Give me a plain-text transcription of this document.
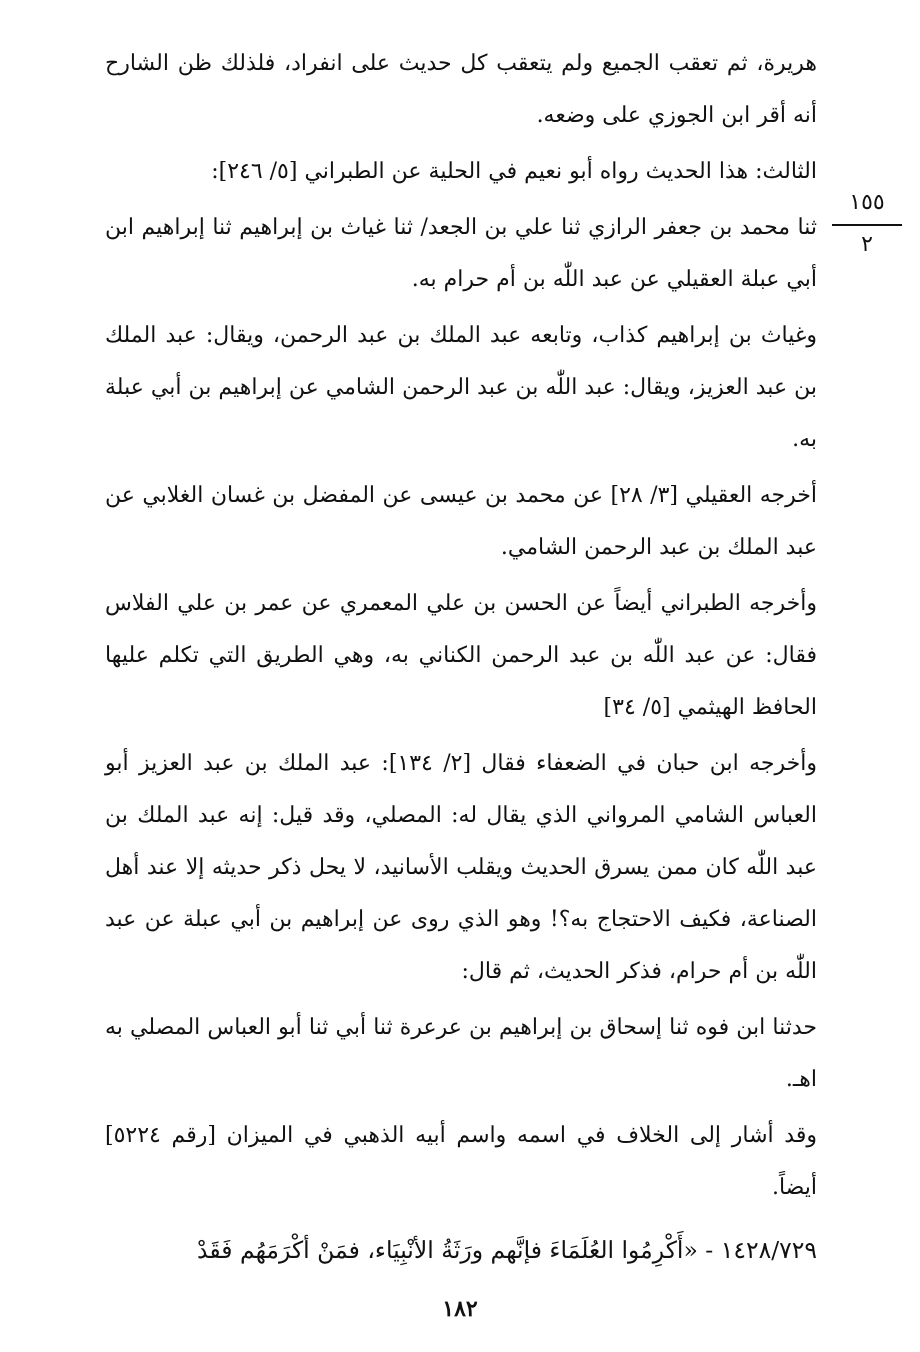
١٥٥
٢

هريرة، ثم تعقب الجميع ولم يتعقب كل حديث على انفراد، فلذلك ظن الشارح أنه أقر ابن الجوزي على وضعه.

الثالث: هذا الحديث رواه أبو نعيم في الحلية عن الطبراني [٥/ ٢٤٦]:

ثنا محمد بن جعفر الرازي ثنا علي بن الجعد/ ثنا غياث بن إبراهيم ثنا إبراهيم ابن أبي عبلة العقيلي عن عبد اللّٰه بن أم حرام به.

وغياث بن إبراهيم كذاب، وتابعه عبد الملك بن عبد الرحمن، ويقال: عبد الملك بن عبد العزيز، ويقال: عبد اللّٰه بن عبد الرحمن الشامي عن إبراهيم بن أبي عبلة به.

أخرجه العقيلي [٣/ ٢٨] عن محمد بن عيسى عن المفضل بن غسان الغلابي عن عبد الملك بن عبد الرحمن الشامي.

وأخرجه الطبراني أيضاً عن الحسن بن علي المعمري عن عمر بن علي الفلاس فقال: عن عبد اللّٰه بن عبد الرحمن الكناني به، وهي الطريق التي تكلم عليها الحافظ الهيثمي [٥/ ٣٤]

وأخرجه ابن حبان في الضعفاء فقال [٢/ ١٣٤]: عبد الملك بن عبد العزيز أبو العباس الشامي المرواني الذي يقال له: المصلي، وقد قيل: إنه عبد الملك بن عبد اللّٰه كان ممن يسرق الحديث ويقلب الأسانيد، لا يحل ذكر حديثه إلا عند أهل الصناعة، فكيف الاحتجاج به؟! وهو الذي روى عن إبراهيم بن أبي عبلة عن عبد اللّٰه بن أم حرام، فذكر الحديث، ثم قال:

حدثنا ابن فوه ثنا إسحاق بن إبراهيم بن عرعرة ثنا أبي ثنا أبو العباس المصلي به اهـ.

وقد أشار إلى الخلاف في اسمه واسم أبيه الذهبي في الميزان [رقم ٥٢٢٤] أيضاً.

١٤٢٨/٧٢٩ - «أَكْرِمُوا العُلَمَاءَ فإنَّهم ورَثَةُ الأنْبِيَاء، فمَنْ أكْرَمَهُم فَقَدْ

١٨٢
